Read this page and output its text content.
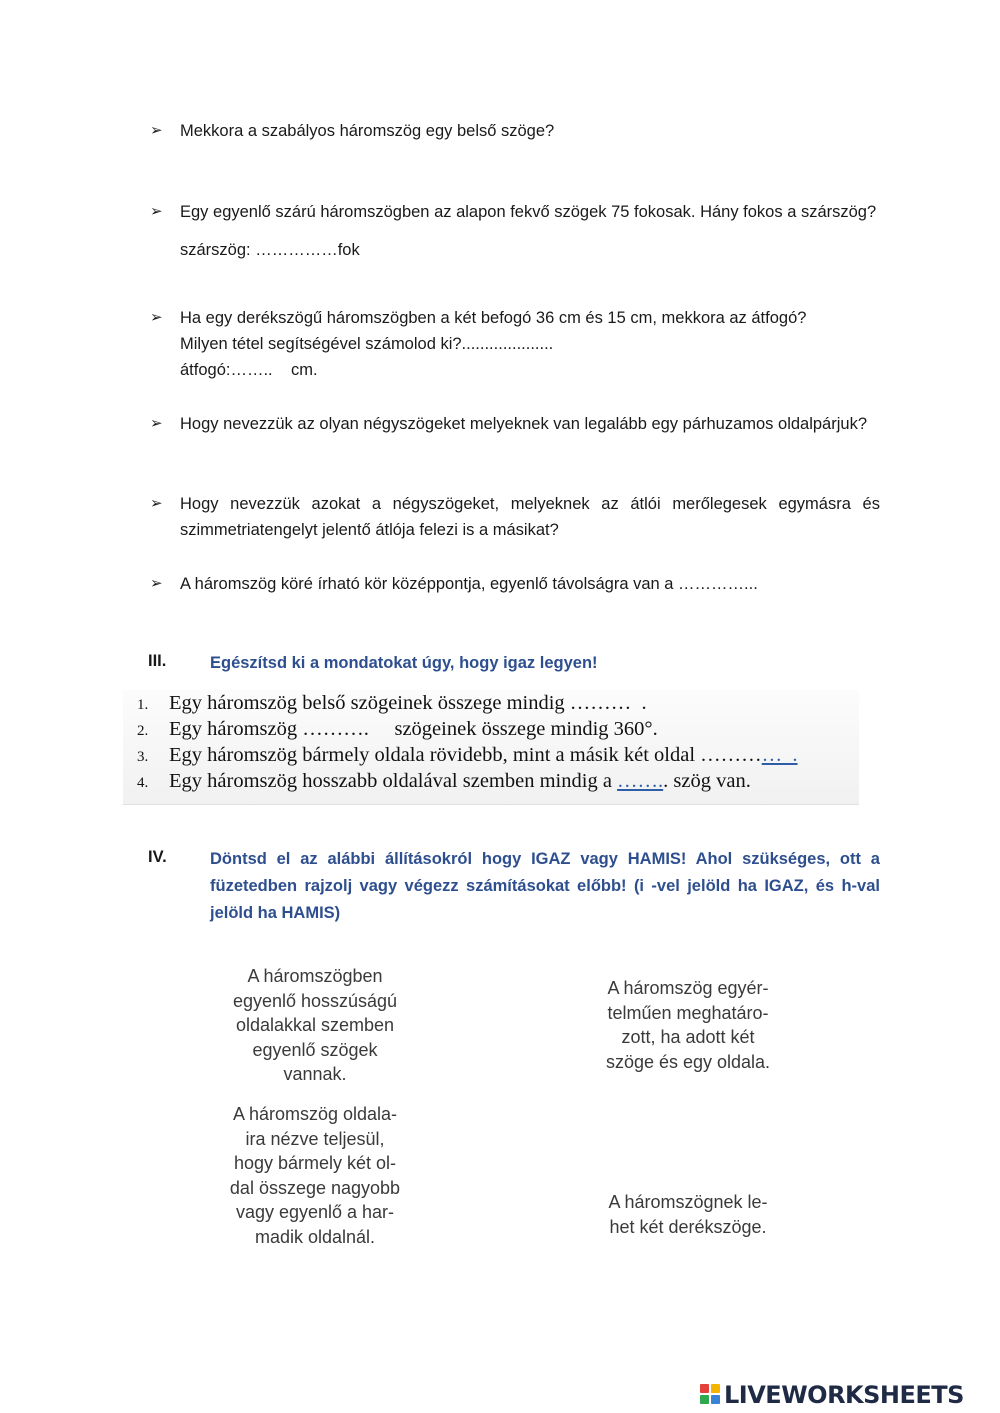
➢ Mekkora a szabályos háromszög egy belső szöge?
➢ Egy egyenlő szárú háromszögben az alapon fekvő szögek 75 fokosak. Hány fokos a szárszög?
szárszög: ……………fok
➢ Ha egy derékszögű háromszögben a két befogó 36 cm és 15 cm, mekkora az átfogó?
Milyen tétel segítségével számolod ki?....................
átfogó:……..    cm.
➢ Hogy nevezzük az olyan négyszögeket melyeknek van legalább egy párhuzamos oldalpárjuk?
➢ Hogy nevezzük azokat a négyszögeket, melyeknek az átlói merőlegesek egymásra és szimmetriatengelyt jelentő átlója felezi is a másikat?
➢ A háromszög köré írható kör középpontja, egyenlő távolságra van a …………...
III.	Egészítsd ki a mondatokat úgy, hogy igaz legyen!
1. Egy háromszög belső szögeinek összege mindig ………  .
2. Egy háromszög ……….     szögeinek összege mindig 360°.
3. Egy háromszög bármely oldala rövidebb, mint a másik két oldal …………  .
4. Egy háromszög hosszabb oldalával szemben mindig a …….. szög van.
IV.	Döntsd el az alábbi állításokról hogy IGAZ vagy HAMIS! Ahol szükséges, ott a füzetedben rajzolj vagy végezz számításokat előbb! (i -vel jelöld ha IGAZ, és h-val jelöld ha HAMIS)
A háromszögben
egyenlő hosszúságú
oldalakkal szemben
egyenlő szögek
vannak.
A háromszög egyér-
telműen meghatáro-
zott, ha adott két
szöge és egy oldala.
A háromszög oldala-
ira nézve teljesül,
hogy bármely két ol-
dal összege nagyobb
vagy egyenlő a har-
madik oldalnál.
A háromszögnek le-
het két derékszöge.
LIVEWORKSHEETS
